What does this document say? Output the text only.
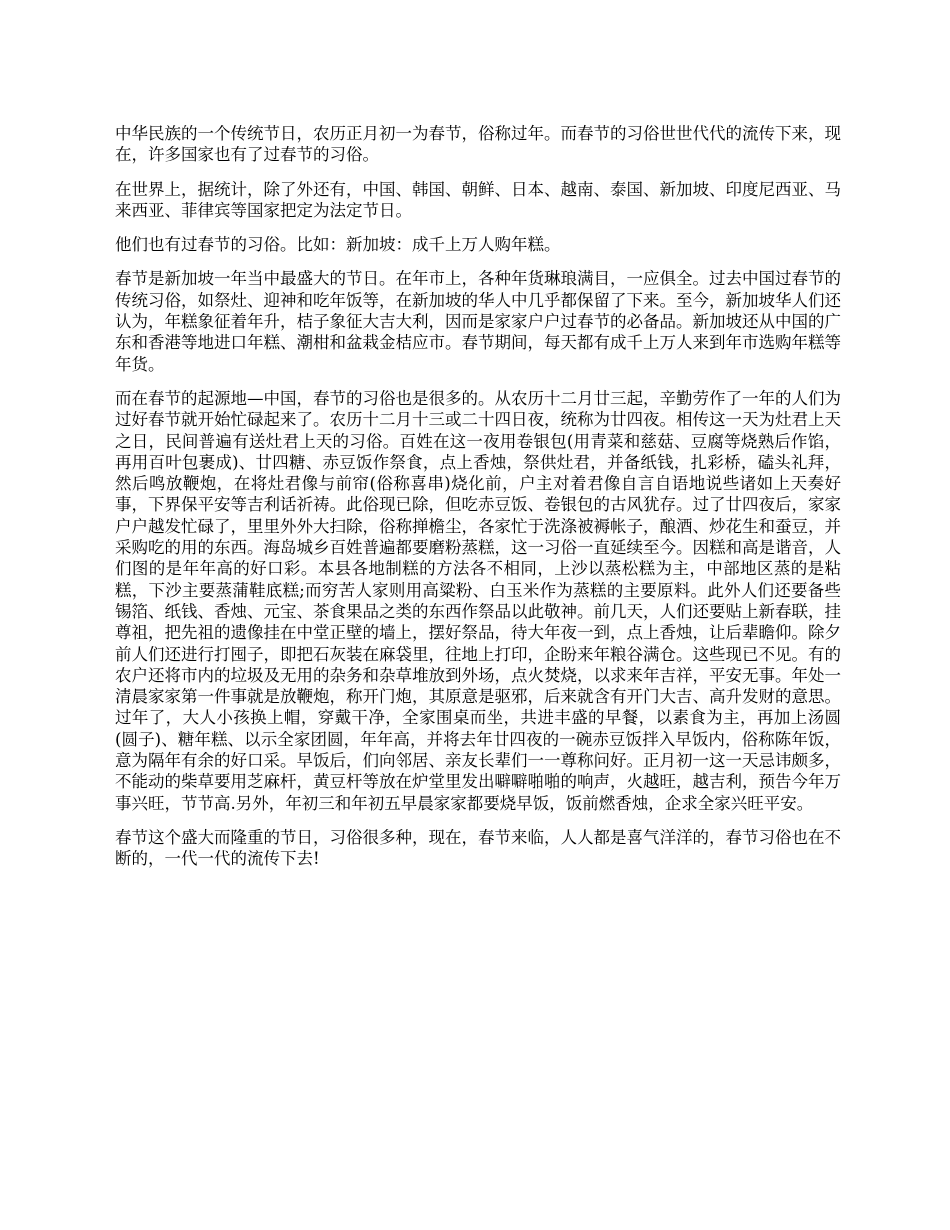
中华民族的一个传统节日，农历正月初一为春节，俗称过年。而春节的习俗世世代代的流传下来，现在，许多国家也有了过春节的习俗。

在世界上，据统计，除了外还有，中国、韩国、朝鲜、日本、越南、泰国、新加坡、印度尼西亚、马来西亚、菲律宾等国家把定为法定节日。

他们也有过春节的习俗。比如：新加坡：成千上万人购年糕。

春节是新加坡一年当中最盛大的节日。在年市上，各种年货琳琅满目，一应俱全。过去中国过春节的传统习俗，如祭灶、迎神和吃年饭等，在新加坡的华人中几乎都保留了下来。至今，新加坡华人们还认为，年糕象征着年升，桔子象征大吉大利，因而是家家户户过春节的必备品。新加坡还从中国的广东和香港等地进口年糕、潮柑和盆栽金桔应市。春节期间，每天都有成千上万人来到年市选购年糕等年货。

而在春节的起源地—中国，春节的习俗也是很多的。从农历十二月廿三起，辛勤劳作了一年的人们为过好春节就开始忙碌起来了。农历十二月十三或二十四日夜，统称为廿四夜。相传这一天为灶君上天之日，民间普遍有送灶君上天的习俗。百姓在这一夜用卷银包(用青菜和慈菇、豆腐等烧熟后作馅，再用百叶包裹成)、廿四糖、赤豆饭作祭食，点上香烛，祭供灶君，并备纸钱，扎彩桥，磕头礼拜，然后鸣放鞭炮，在将灶君像与前帘(俗称喜串)烧化前，户主对着君像自言自语地说些诸如上天奏好事，下界保平安等吉利话祈祷。此俗现已除，但吃赤豆饭、卷银包的古风犹存。过了廿四夜后，家家户户越发忙碌了，里里外外大扫除，俗称掸檐尘，各家忙于洗涤被褥帐子，酿酒、炒花生和蚕豆，并采购吃的用的东西。海岛城乡百姓普遍都要磨粉蒸糕，这一习俗一直延续至今。因糕和高是谐音，人们图的是年年高的好口彩。本县各地制糕的方法各不相同，上沙以蒸松糕为主，中部地区蒸的是粘糕，下沙主要蒸蒲鞋底糕;而穷苦人家则用高粱粉、白玉米作为蒸糕的主要原料。此外人们还要备些锡箔、纸钱、香烛、元宝、茶食果品之类的东西作祭品以此敬神。前几天，人们还要贴上新春联，挂尊祖，把先祖的遗像挂在中堂正壁的墙上，摆好祭品，待大年夜一到，点上香烛，让后辈瞻仰。除夕前人们还进行打囤子，即把石灰装在麻袋里，往地上打印，企盼来年粮谷满仓。这些现已不见。有的农户还将市内的垃圾及无用的杂务和杂草堆放到外场，点火焚烧，以求来年吉祥，平安无事。年处一清晨家家第一件事就是放鞭炮，称开门炮，其原意是驱邪，后来就含有开门大吉、高升发财的意思。过年了，大人小孩换上帽，穿戴干净，全家围桌而坐，共进丰盛的早餐，以素食为主，再加上汤圆(圆子)、糖年糕、以示全家团圆，年年高，并将去年廿四夜的一碗赤豆饭拌入早饭内，俗称陈年饭，意为隔年有余的好口采。早饭后，们向邻居、亲友长辈们一一尊称问好。正月初一这一天忌讳颇多，不能动的柴草要用芝麻杆，黄豆杆等放在炉堂里发出噼噼啪啪的响声，火越旺，越吉利，预告今年万事兴旺，节节高.另外，年初三和年初五早晨家家都要烧早饭，饭前燃香烛，企求全家兴旺平安。

春节这个盛大而隆重的节日，习俗很多种，现在，春节来临，人人都是喜气洋洋的，春节习俗也在不断的，一代一代的流传下去!
